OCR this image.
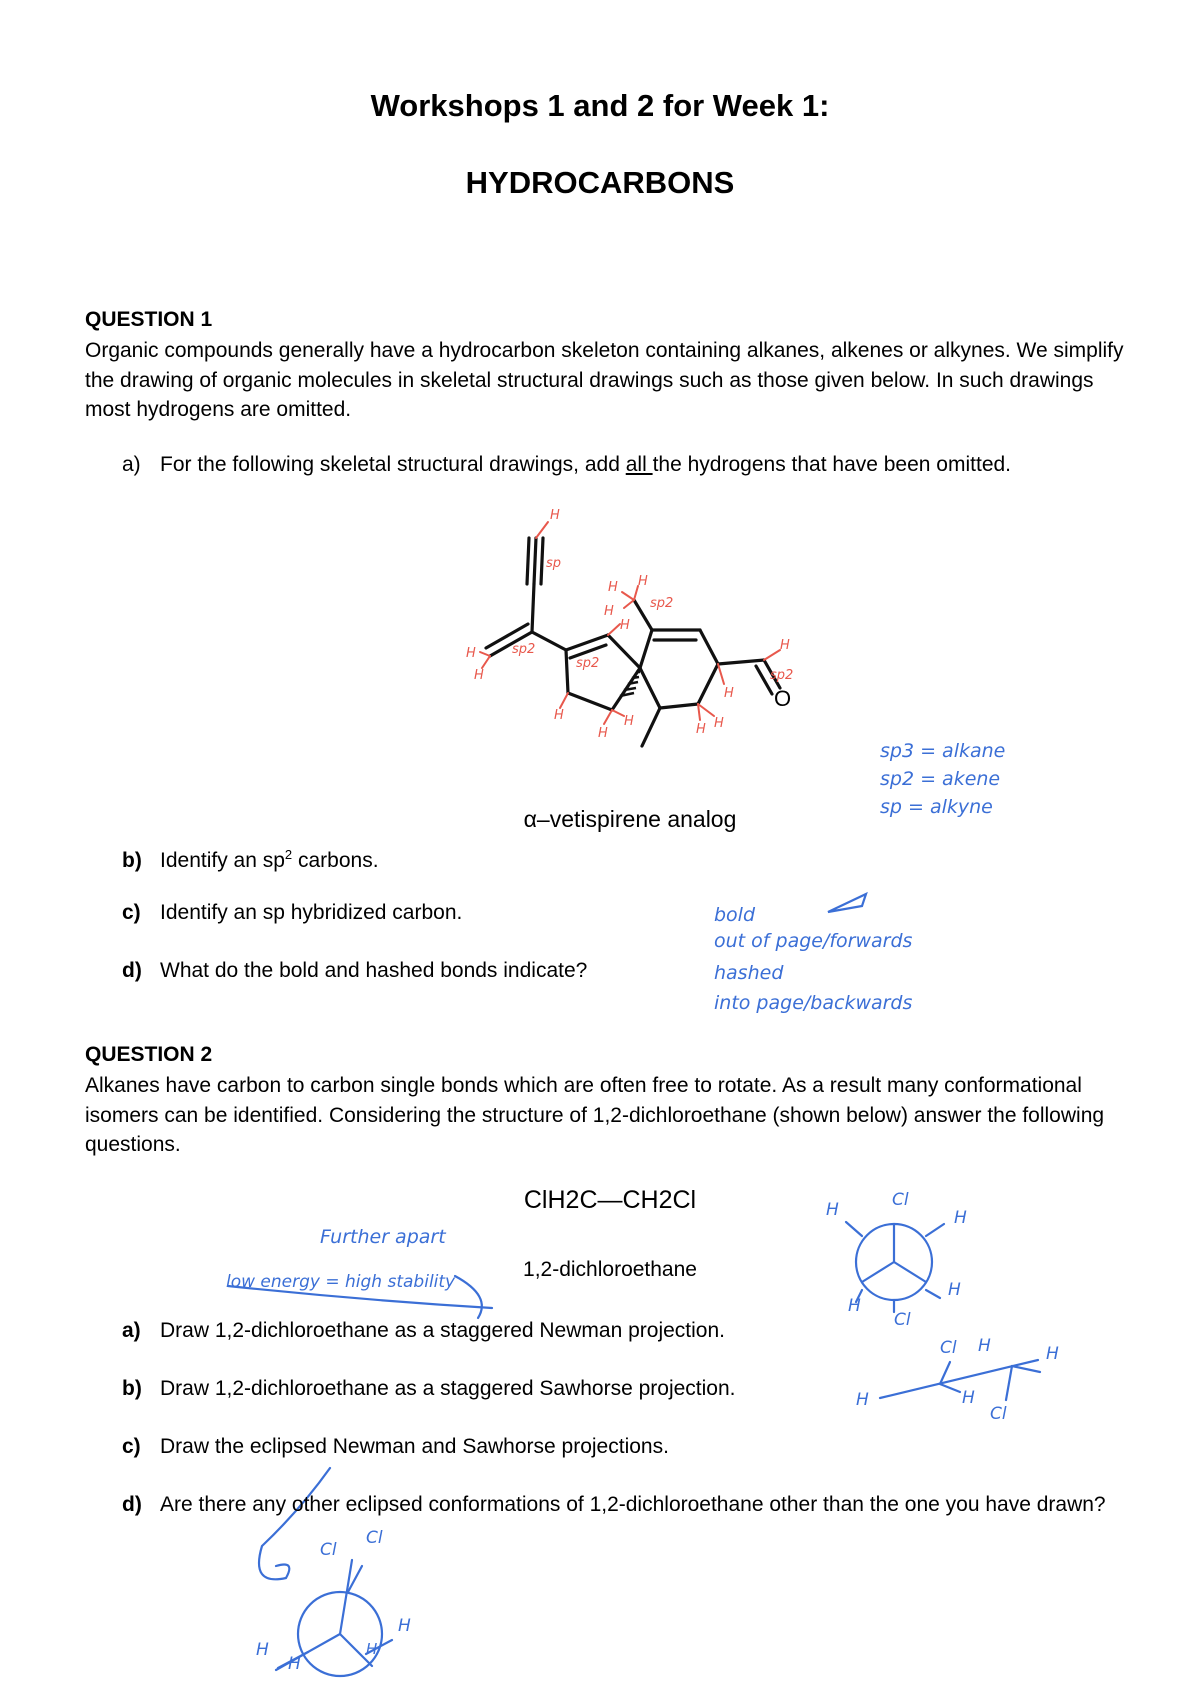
Workshops 1 and 2 for Week 1:
HYDROCARBONS
QUESTION 1
Organic compounds generally have a hydrocarbon skeleton containing alkanes, alkenes or alkynes. We simplify the drawing of organic molecules in skeletal structural drawings such as those given below. In such drawings most hydrogens are omitted.
a) For the following skeletal structural drawings, add all the hydrogens that have been omitted.
O
sp
sp2
sp2
sp2
sp2
H
H
H
H H
H
H
H
H
H
H H
H
H
sp3 = alkane
sp2 = akene
sp = alkyne
α–vetispirene analog
b) Identify an $sp^2$ carbons.
c) Identify an sp hybridized carbon.
d) What do the bold and hashed bonds indicate?
bold
out of page/forwards
hashed
into page/backwards
QUESTION 2
Alkanes have carbon to carbon single bonds which are often free to rotate. As a result many conformational isomers can be identified. Considering the structure of 1,2-dichloroethane (shown below) answer the following questions.
ClH2C—CH2Cl
Further apart
1,2-dichloroethane
low energy = high stability
H	Cl
H
H
H
Cl
a) Draw 1,2-dichloroethane as a staggered Newman projection.
Cl H	H
H	H
Cl
b) Draw 1,2-dichloroethane as a staggered Sawhorse projection.
c) Draw the eclipsed Newman and Sawhorse projections.
d) Are there any other eclipsed conformations of 1,2-dichloroethane other than the one you have drawn?
Cl
Cl
H
H
H
H
